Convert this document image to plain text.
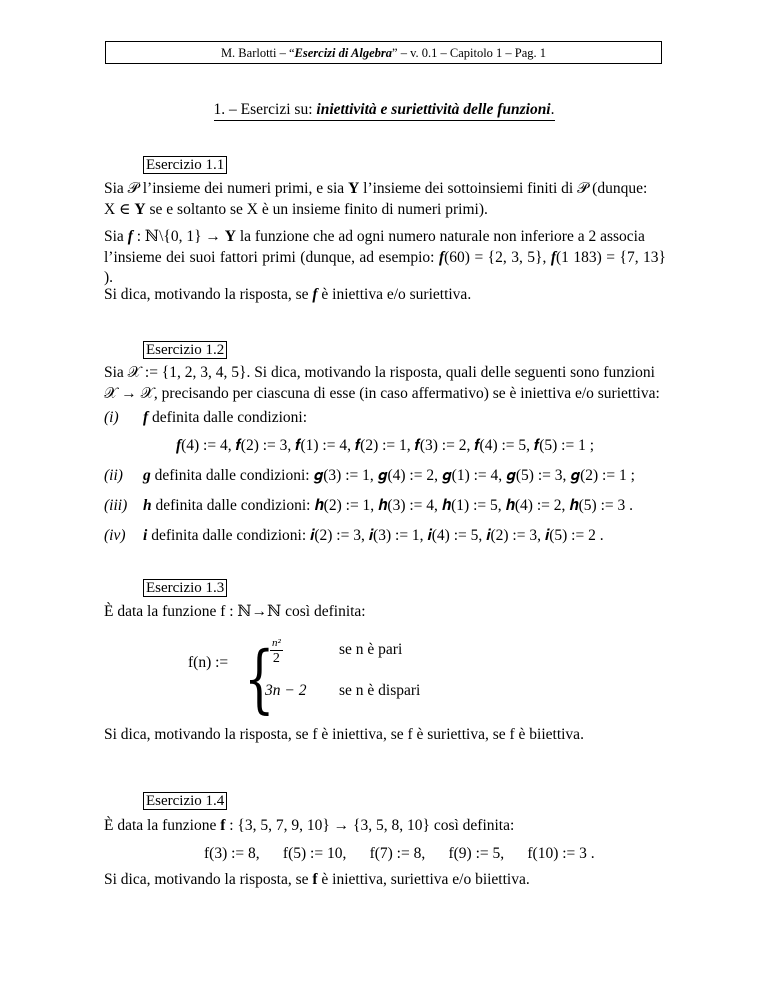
M. Barlotti – “Esercizi di Algebra” – v. 0.1 – Capitolo 1 – Pag. 1
1. – Esercizi su: iniettività e suriettività delle funzioni.
Esercizio 1.1
Sia 𝒫 l’insieme dei numeri primi, e sia Y l’insieme dei sottoinsiemi finiti di 𝒫 (dunque:
X ∈ Y se e soltanto se X è un insieme finito di numeri primi).
Sia f : ℕ\{0, 1} → Y la funzione che ad ogni numero naturale non inferiore a 2 associa
l’insieme dei suoi fattori primi (dunque, ad esempio: f(60) = {2, 3, 5}, f(1 183) = {7, 13} ).
Si dica, motivando la risposta, se f è iniettiva e/o suriettiva.
Esercizio 1.2
Sia 𝒳 := {1, 2, 3, 4, 5}. Si dica, motivando la risposta, quali delle seguenti sono funzioni
𝒳 → 𝒳, precisando per ciascuna di esse (in caso affermativo) se è iniettiva e/o suriettiva:
(i) f definita dalle condizioni:
f(4) := 4, 𝒇(2) := 3, 𝒇(1) := 4, 𝒇(2) := 1, 𝒇(3) := 2, 𝒇(4) := 5, 𝒇(5) := 1 ;
(ii) g definita dalle condizioni: 𝒈(3) := 1, 𝒈(4) := 2, 𝒈(1) := 4, 𝒈(5) := 3, 𝒈(2) := 1 ;
(iii) h definita dalle condizioni: 𝒉(2) := 1, 𝒉(3) := 4, 𝒉(1) := 5, 𝒉(4) := 2, 𝒉(5) := 3 .
(iv) i definita dalle condizioni: 𝒊(2) := 3, 𝒊(3) := 1, 𝒊(4) := 5, 𝒊(2) := 3, 𝒊(5) := 2 .
Esercizio 1.3
È data la funzione f : ℕ→ℕ così definita:
f(n) := {
$\frac{\text{n²}}{2}$	se n è pari
3n − 2 se n è dispari
Si dica, motivando la risposta, se f è iniettiva, se f è suriettiva, se f è biiettiva.
Esercizio 1.4
È data la funzione f : {3, 5, 7, 9, 10} → {3, 5, 8, 10} così definita:
f(3) := 8,      f(5) := 10,      f(7) := 8,      f(9) := 5,      f(10) := 3 .
Si dica, motivando la risposta, se f è iniettiva, suriettiva e/o biiettiva.
